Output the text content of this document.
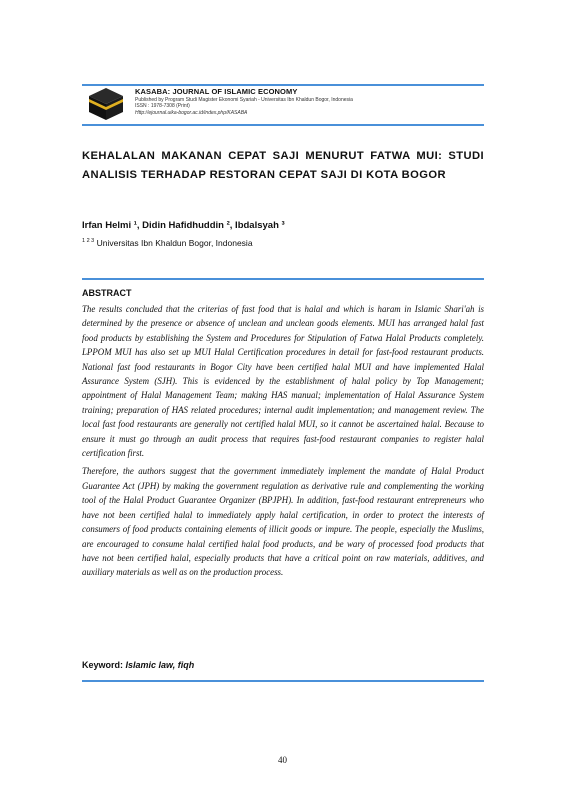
KASABA: JOURNAL OF ISLAMIC ECONOMY
Published by Program Studi Magister Ekonomi Syariah - Universitas Ibn Khaldun Bogor, Indonesia
ISSN : 1978-7308 (Print)
Http://ejournal.uika-bogor.ac.id/index.php/KASABA
KEHALALAN MAKANAN CEPAT SAJI MENURUT FATWA MUI: STUDI ANALISIS TERHADAP RESTORAN CEPAT SAJI DI KOTA BOGOR
Irfan Helmi ¹, Didin Hafidhuddin ², Ibdalsyah ³
$^{1 2 3}$ Universitas Ibn Khaldun Bogor, Indonesia
ABSTRACT

The results concluded that the criterias of fast food that is halal and which is haram in Islamic Shari'ah is determined by the presence or absence of unclean and unclean goods elements. MUI has arranged halal fast food products by establishing the System and Procedures for Stipulation of Fatwa Halal Products completely. LPPOM MUI has also set up MUI Halal Certification procedures in detail for fast-food restaurant products. National fast food restaurants in Bogor City have been certified halal MUI and have implemented Halal Assurance System (SJH). This is evidenced by the establishment of halal policy by Top Management; appointment of Halal Management Team; making HAS manual; implementation of Halal Assurance System training; preparation of HAS related procedures; internal audit implementation; and management review. The local fast food restaurants are generally not certified halal MUI, so it cannot be ascertained halal. Because to ensure it must go through an audit process that requires fast-food restaurant companies to register halal certification first.

Therefore, the authors suggest that the government immediately implement the mandate of Halal Product Guarantee Act (JPH) by making the government regulation as derivative rule and complementing the working tool of the Halal Product Guarantee Organizer (BPJPH). In addition, fast-food restaurant entrepreneurs who have not been certified halal to immediately apply halal certification, in order to protect the interests of consumers of food products containing elements of illicit goods or impure. The people, especially the Muslims, are encouraged to consume halal certified halal food products, and be wary of processed food products that have not been certified halal, especially products that have a critical point on raw materials, additives, and auxiliary materials as well as on the production process.

Keyword: Islamic law, fiqh
40
